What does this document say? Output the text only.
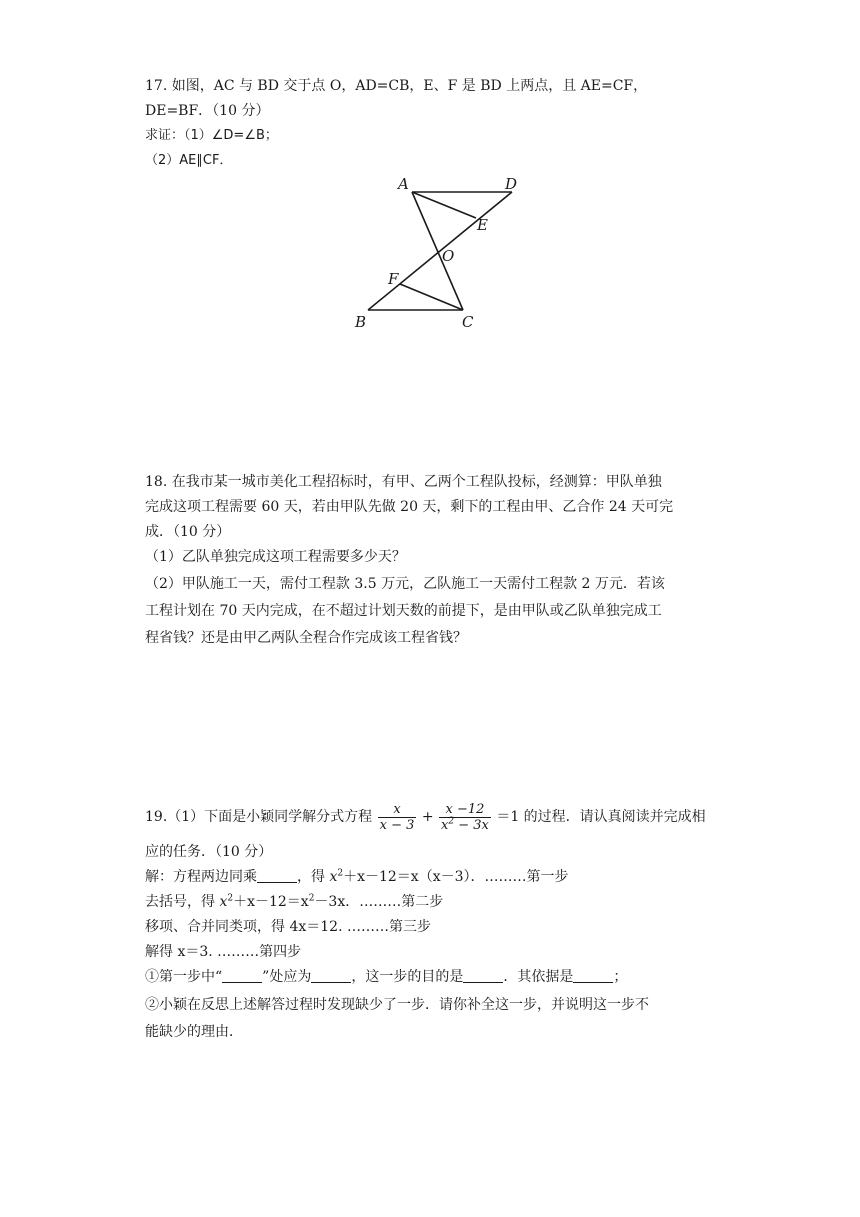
17. 如图，AC 与 BD 交于点 O，AD=CB，E、F 是 BD 上两点，且 AE=CF，
DE=BF．（10 分）
求证：（1）∠D=∠B；
（2）AE∥CF．
A	D
E
O
F
B	C
18. 在我市某一城市美化工程招标时，有甲、乙两个工程队投标，经测算：甲队单独
完成这项工程需要 60 天，若由甲队先做 20 天，剩下的工程由甲、乙合作 24 天可完
成．（10 分）
（1）乙队单独完成这项工程需要多少天？
（2）甲队施工一天，需付工程款 3.5 万元，乙队施工一天需付工程款 2 万元．若该
工程计划在 70 天内完成，在不超过计划天数的前提下，是由甲队或乙队单独完成工
程省钱？还是由甲乙两队全程合作完成该工程省钱？
19.（1）下面是小颖同学解分式方程 $\frac{x}{x - 3} + \frac{x -12}{x^2 - 3x} =1$ 的过程．请认真阅读并完成相
应的任务．（10 分）
解：方程两边同乘	，得 $x^2+x-12=x(x-3)$．………第一步
去括号，得 $x^2+x-12=x^2-3x$．………第二步
移项、合并同类项，得 4x＝12. ………第三步
解得 x＝3. ………第四步
①第一步中“	”处应为	，这一步的目的是	．其依据是	；
②小颖在反思上述解答过程时发现缺少了一步．请你补全这一步，并说明这一步不
能缺少的理由．
